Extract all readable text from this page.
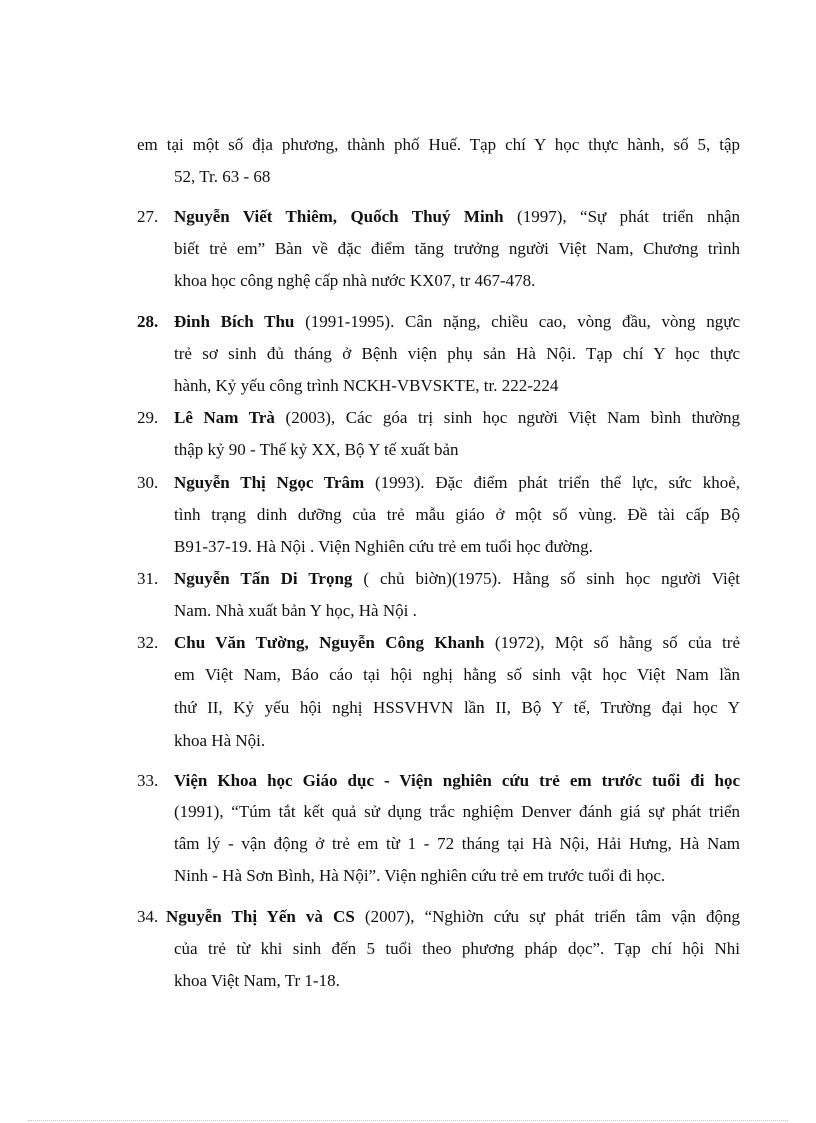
em tại một số địa phương, thành phố Huế. Tạp chí Y học thực hành, số 5, tập
52, Tr. 63 - 68
27. Nguyễn Viết Thiêm, Quốch Thuý Minh (1997), “Sự phát triển nhận
biết trẻ em” Bàn về đặc điểm tăng trưởng người Việt Nam, Chương trình
khoa học công nghệ cấp nhà nước KX07, tr 467-478.
28. Đinh Bích Thu (1991-1995). Cân nặng, chiều cao, vòng đầu, vòng ngực
trẻ sơ sinh đủ tháng ở Bệnh viện phụ sản Hà Nội. Tạp chí Y học thực
hành, Kỷ yếu công trình NCKH-VBVSKTE, tr. 222-224
29. Lê Nam Trà (2003), Các góa trị sinh học người Việt Nam bình thường
thập kỷ 90 - Thế kỷ XX, Bộ Y tế xuất bản
30. Nguyễn Thị Ngọc Trâm (1993). Đặc điểm phát triển thể lực, sức khoẻ,
tình trạng dinh dưỡng của trẻ mẫu giáo ở một số vùng. Đề tài cấp Bộ
B91-37-19. Hà Nội . Viện Nghiên cứu trẻ em tuổi học đường.
31. Nguyễn Tấn Di Trọng ( chủ biờn)(1975). Hằng số sinh học người Việt
Nam. Nhà xuất bản Y học, Hà Nội .
32. Chu Văn Tường, Nguyễn Công Khanh (1972), Một số hằng số của trẻ
em Việt Nam, Báo cáo tại hội nghị hằng số sinh vật học Việt Nam lần
thứ II, Kỷ yếu hội nghị HSSVHVN lần II, Bộ Y tế, Trường đại học Y
khoa Hà Nội.
33. Viện Khoa học Giáo dục - Viện nghiên cứu trẻ em trước tuổi đi học
(1991), “Túm tắt kết quả sử dụng trắc nghiệm Denver đánh giá sự phát triển
tâm lý - vận động ở trẻ em từ 1 - 72 tháng tại Hà Nội, Hải Hưng, Hà Nam
Ninh - Hà Sơn Bình, Hà Nội”. Viện nghiên cứu trẻ em trước tuổi đi học.
34. Nguyễn Thị Yến và CS (2007), “Nghiờn cứu sự phát triển tâm vận động
của trẻ từ khi sinh đến 5 tuổi theo phương pháp dọc”. Tạp chí hội Nhi
khoa Việt Nam, Tr 1-18.
